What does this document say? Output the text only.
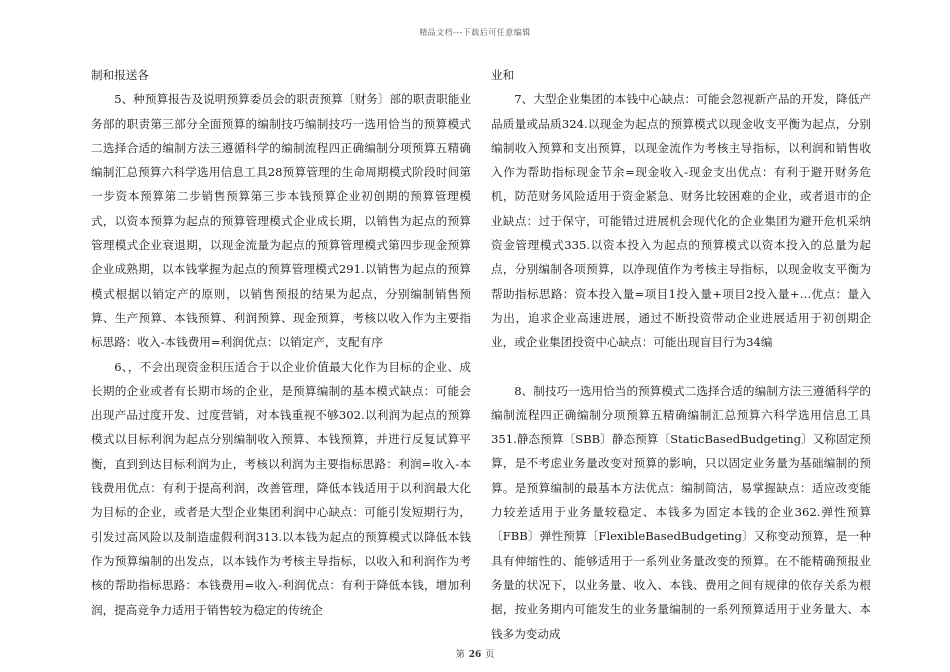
精品文档---下载后可任意编辑

制和报送各

5、种预算报告及说明预算委员会的职责预算〔财务〕部的职责职能业务部的职责第三部分全面预算的编制技巧编制技巧一选用恰当的预算模式二选择合适的编制方法三遵循科学的编制流程四正确编制分项预算五精确编制汇总预算六科学选用信息工具28预算管理的生命周期模式阶段时间第一步资本预算第二步销售预算第三步本钱预算企业初创期的预算管理模式，以资本预算为起点的预算管理模式企业成长期，以销售为起点的预算管理模式企业衰退期，以现金流量为起点的预算管理模式第四步现金预算企业成熟期，以本钱掌握为起点的预算管理模式291.以销售为起点的预算模式根据以销定产的原则，以销售预报的结果为起点，分别编制销售预算、生产预算、本钱预算、利润预算、现金预算，考核以收入作为主要指标思路：收入-本钱费用=利润优点：以销定产，支配有序

6、，不会出现资金积压适合于以企业价值最大化作为目标的企业、成长期的企业或者有长期市场的企业，是预算编制的基本模式缺点：可能会出现产品过度开发、过度营销，对本钱重视不够302.以利润为起点的预算模式以目标利润为起点分别编制收入预算、本钱预算，并进行反复试算平衡，直到到达目标利润为止，考核以利润为主要指标思路：利润=收入-本钱费用优点：有利于提高利润，改善管理，降低本钱适用于以利润最大化为目标的企业，或者是大型企业集团利润中心缺点：可能引发短期行为，引发过高风险以及制造虚假利润313.以本钱为起点的预算模式以降低本钱作为预算编制的出发点，以本钱作为考核主导指标，以收入和利润作为考核的帮助指标思路：本钱费用=收入-利润优点：有利于降低本钱，增加利润，提高竞争力适用于销售较为稳定的传统企

业和

7、大型企业集团的本钱中心缺点：可能会忽视新产品的开发，降低产品质量或品质324.以现金为起点的预算模式以现金收支平衡为起点，分别编制收入预算和支出预算，以现金流作为考核主导指标，以利润和销售收入作为帮助指标现金节余=现金收入-现金支出优点：有利于避开财务危机，防范财务风险适用于资金紧急、财务比较困难的企业，或者退市的企业缺点：过于保守，可能错过进展机会现代化的企业集团为避开危机采纳资金管理模式335.以资本投入为起点的预算模式以资本投入的总量为起点，分别编制各项预算，以净现值作为考核主导指标，以现金收支平衡为帮助指标思路：资本投入量=项目1投入量+项目2投入量+…优点：量入为出，追求企业高速进展，通过不断投资带动企业进展适用于初创期企业，或企业集团投资中心缺点：可能出现盲目行为34编

8、制技巧一选用恰当的预算模式二选择合适的编制方法三遵循科学的编制流程四正确编制分项预算五精确编制汇总预算六科学选用信息工具351.静态预算〔SBB〕静态预算〔StaticBasedBudgeting〕又称固定预算，是不考虑业务量改变对预算的影响，只以固定业务量为基础编制的预算。是预算编制的最基本方法优点：编制简洁，易掌握缺点：适应改变能力较差适用于业务量较稳定、本钱多为固定本钱的企业362.弹性预算〔FBB〕弹性预算〔FlexibleBasedBudgeting〕又称变动预算，是一种具有伸缩性的、能够适用于一系列业务量改变的预算。在不能精确预报业务量的状况下，以业务量、收入、本钱、费用之间有规律的依存关系为根据，按业务期内可能发生的业务量编制的一系列预算适用于业务量大、本钱多为变动成

第 26 页
